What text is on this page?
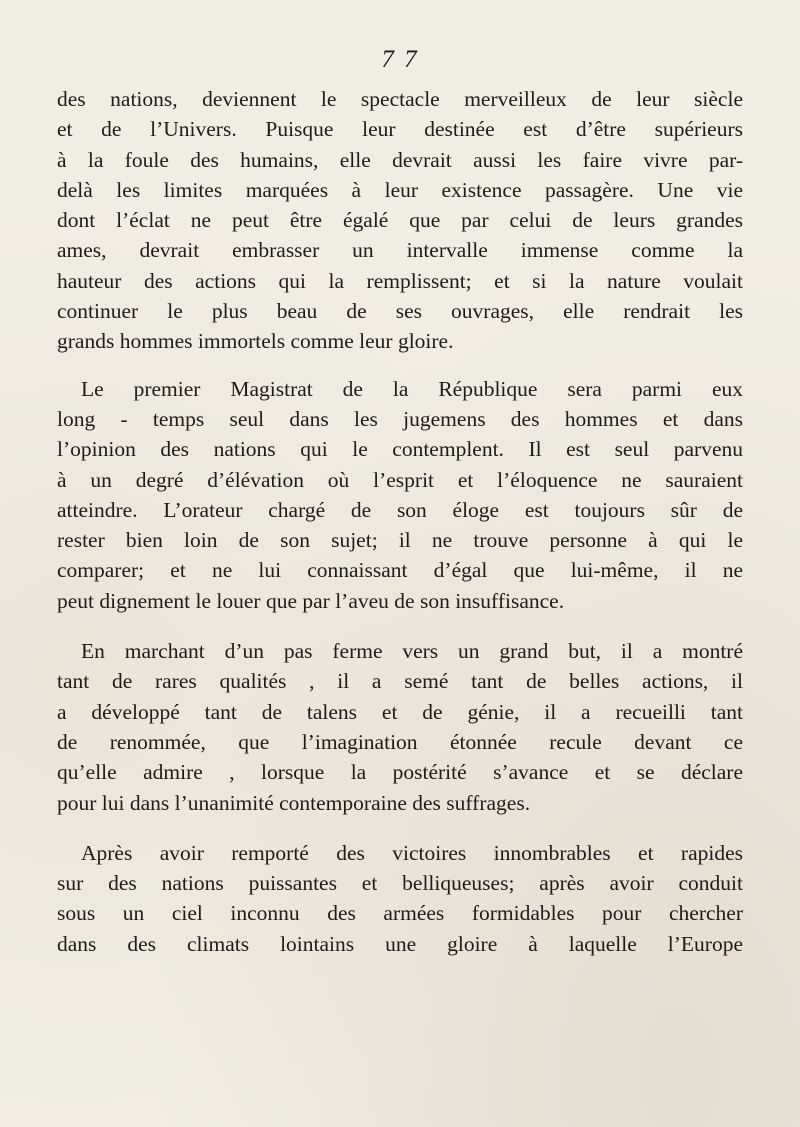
7 7

des nations, deviennent le spectacle merveilleux de leur siècle
et de l’Univers. Puisque leur destinée est d’être supérieurs
à la foule des humains, elle devrait aussi les faire vivre par-
delà les limites marquées à leur existence passagère. Une vie
dont l’éclat ne peut être égalé que par celui de leurs grandes
ames, devrait embrasser un intervalle immense comme la
hauteur des actions qui la remplissent; et si la nature voulait
continuer le plus beau de ses ouvrages, elle rendrait les
grands hommes immortels comme leur gloire.

Le premier Magistrat de la République sera parmi eux
long - temps seul dans les jugemens des hommes et dans
l’opinion des nations qui le contemplent. Il est seul parvenu
à un degré d’élévation où l’esprit et l’éloquence ne sauraient
atteindre. L’orateur chargé de son éloge est toujours sûr de
rester bien loin de son sujet; il ne trouve personne à qui le
comparer; et ne lui connaissant d’égal que lui-même, il ne
peut dignement le louer que par l’aveu de son insuffisance.

En marchant d’un pas ferme vers un grand but, il a montré
tant de rares qualités , il a semé tant de belles actions, il
a développé tant de talens et de génie, il a recueilli tant
de renommée, que l’imagination étonnée recule devant ce
qu’elle admire , lorsque la postérité s’avance et se déclare
pour lui dans l’unanimité contemporaine des suffrages.

Après avoir remporté des victoires innombrables et rapides
sur des nations puissantes et belliqueuses; après avoir conduit
sous un ciel inconnu des armées formidables pour chercher
dans des climats lointains une gloire à laquelle l’Europe
